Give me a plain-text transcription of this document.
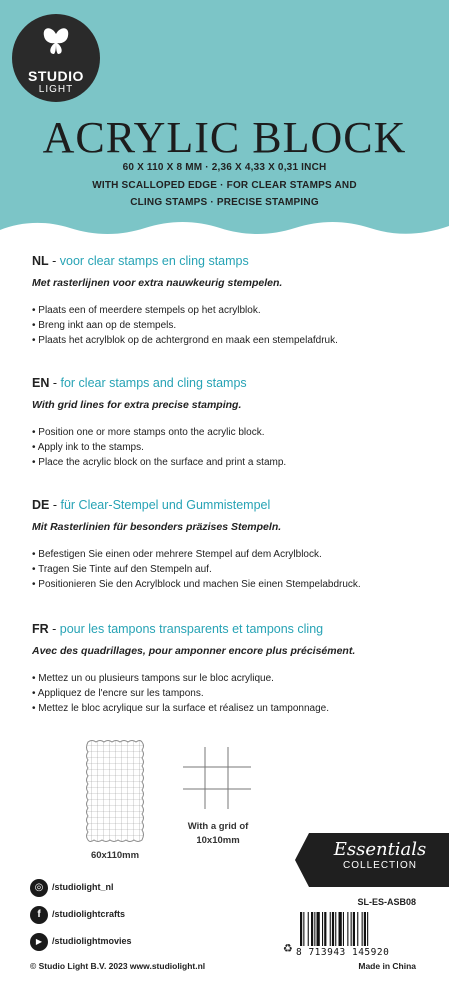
STUDIO
LIGHT
ACRYLIC BLOCK
60 X 110 X 8 MM · 2,36 X 4,33 X 0,31 INCH
WITH SCALLOPED EDGE · FOR CLEAR STAMPS AND
CLING STAMPS · PRECISE STAMPING
NL - voor clear stamps en cling stamps
Met rasterlijnen voor extra nauwkeurig stempelen.
• Plaats een of meerdere stempels op het acrylblok.
• Breng inkt aan op de stempels.
• Plaats het acrylblok op de achtergrond en maak een stempelafdruk.
EN - for clear stamps and cling stamps
With grid lines for extra precise stamping.
• Position one or more stamps onto the acrylic block.
• Apply ink to the stamps.
• Place the acrylic block on the surface and print a stamp.
DE - für Clear-Stempel und Gummistempel
Mit Rasterlinien für besonders präzises Stempeln.
• Befestigen Sie einen oder mehrere Stempel auf dem Acrylblock.
• Tragen Sie Tinte auf den Stempeln auf.
• Positionieren Sie den Acrylblock und machen Sie einen Stempelabdruck.
FR - pour les tampons transparents et tampons cling
Avec des quadrillages, pour amponner encore plus précisément.
• Mettez un ou plusieurs tampons sur le bloc acrylique.
• Appliquez de l'encre sur les tampons.
• Mettez le bloc acrylique sur la surface et réalisez un tamponnage.
60x110mm
With a grid of
10x10mm	Essentials
COLLECTION
◎ /studiolight_nl
f /studiolightcrafts
▶ /studiolightmovies
SL-ES-ASB08
8 713943 145920
♻
© Studio Light B.V. 2023 www.studiolight.nl	Made in China
